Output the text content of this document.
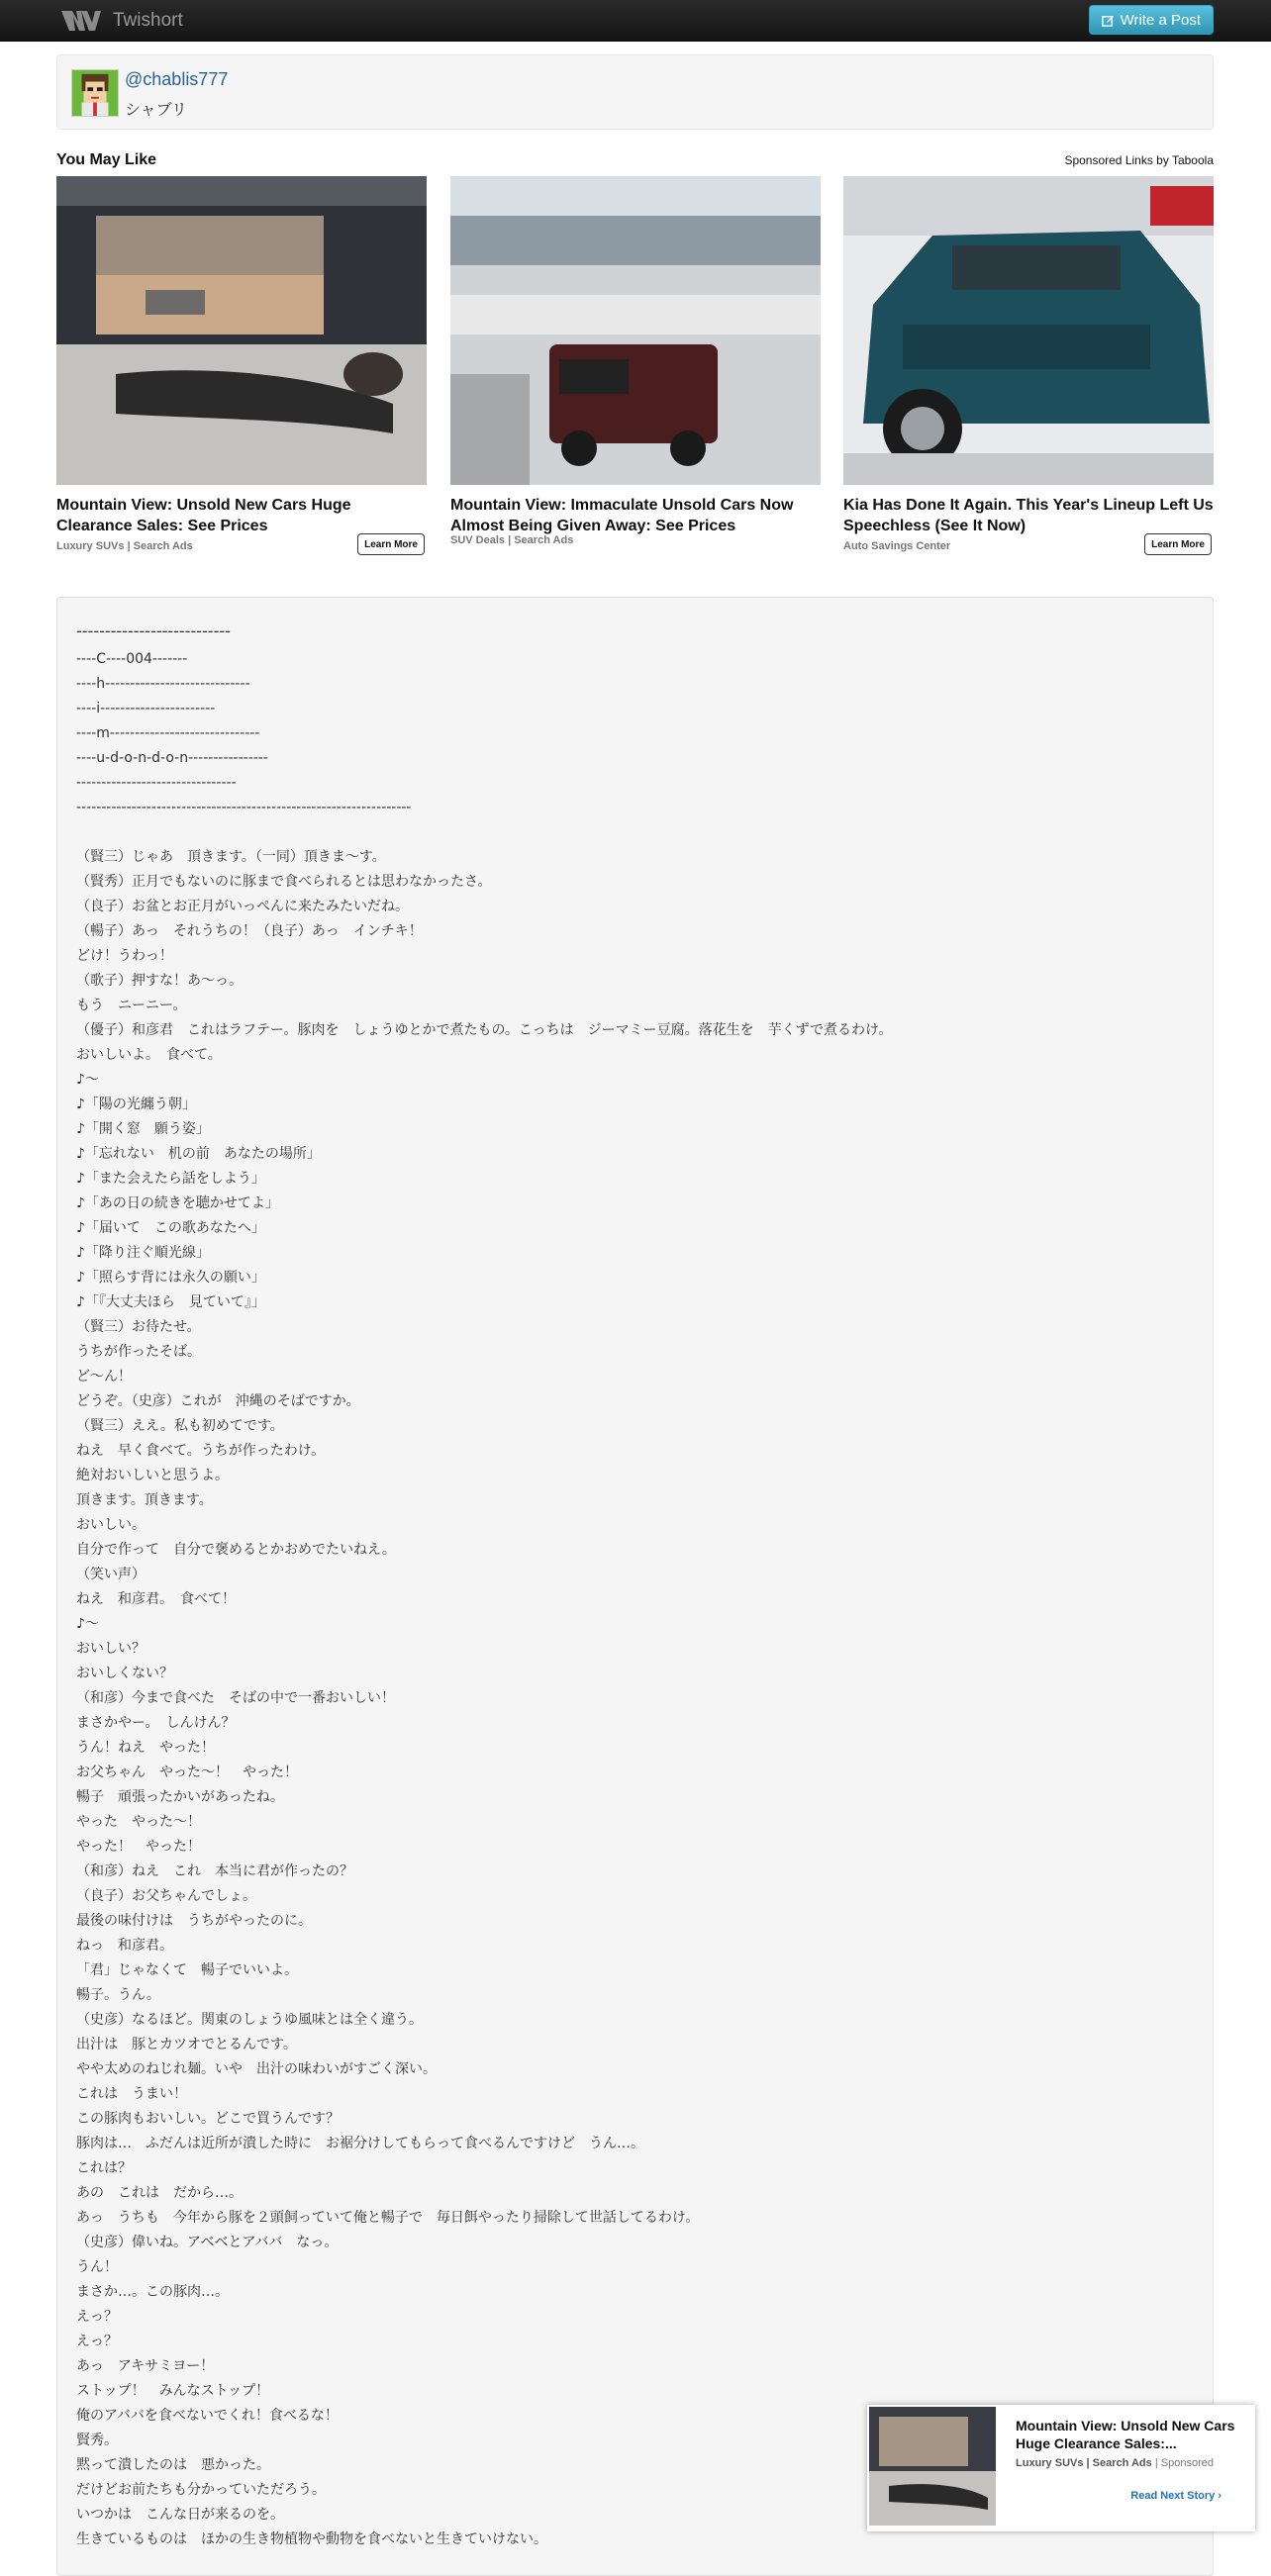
Twishort	Write a Post
@chablis777
シャブリ
You May Like	Sponsored Links by Taboola
Mountain View: Unsold New Cars Huge Clearance Sales: See Prices
Luxury SUVs | Search Ads	Learn More
Mountain View: Immaculate Unsold Cars Now Almost Being Given Away: See Prices
SUV Deals | Search Ads
Kia Has Done It Again. This Year's Lineup Left Us Speechless (See It Now)
Auto Savings Center	Learn More
---------------------------
----C----004-------
----h-----------------------------
----i-----------------------
----m------------------------------
----u-d-o-n-d-o-n----------------
--------------------------------
-------------------------------------------------------------------
（賢三）じゃあ　頂きます。（一同）頂きま～す。
（賢秀）正月でもないのに豚まで食べられるとは思わなかったさ。
（良子）お盆とお正月がいっぺんに来たみたいだね。
（暢子）あっ　それうちの！（良子）あっ　インチキ！
どけ！うわっ！
（歌子）押すな！あ～っ。
もう　ニーニー。
（優子）和彦君　これはラフテー。豚肉を　しょうゆとかで煮たもの。こっちは　ジーマミー豆腐。落花生を　芋くずで煮るわけ。
おいしいよ。　食べて。
♪～
♪「陽の光纏う朝」
♪「開く窓　願う姿」
♪「忘れない　机の前　あなたの場所」
♪「また会えたら話をしよう」
♪「あの日の続きを聴かせてよ」
♪「届いて　この歌あなたへ」
♪「降り注ぐ順光線」
♪「照らす背には永久の願い」
♪「『大丈夫ほら　見ていて』」
（賢三）お待たせ。
うちが作ったそば。
ど～ん！
どうぞ。（史彦）これが　沖縄のそばですか。
（賢三）ええ。私も初めてです。
ねえ　早く食べて。うちが作ったわけ。
絶対おいしいと思うよ。
頂きます。頂きます。
おいしい。
自分で作って　自分で褒めるとかおめでたいねえ。
（笑い声）
ねえ　和彦君。　食べて！
♪～
おいしい？
おいしくない？
（和彦）今まで食べた　そばの中で一番おいしい！
まさかやー。　しんけん？
うん！ねえ　やった！
お父ちゃん　やった～！　やった！
暢子　頑張ったかいがあったね。
やった　やった～！
やった！　やった！
（和彦）ねえ　これ　本当に君が作ったの？
（良子）お父ちゃんでしょ。
最後の味付けは　うちがやったのに。
ねっ　和彦君。
「君」じゃなくて　暢子でいいよ。
暢子。うん。
（史彦）なるほど。関東のしょうゆ風味とは全く違う。
出汁は　豚とカツオでとるんです。
やや太めのねじれ麺。いや　出汁の味わいがすごく深い。
これは　うまい！
この豚肉もおいしい。どこで買うんです？
豚肉は…　ふだんは近所が潰した時に　お裾分けしてもらって食べるんですけど　うん…。
これは？
あの　これは　だから…。
あっ　うちも　今年から豚を２頭飼っていて俺と暢子で　毎日餌やったり掃除して世話してるわけ。
（史彦）偉いね。アベベとアババ　なっ。
うん！
まさか…。この豚肉…。
えっ？
えっ？
あっ　アキサミヨー！
ストップ！　みんなストップ！
俺のアババを食べないでくれ！食べるな！
賢秀。
黙って潰したのは　悪かった。
だけどお前たちも分かっていただろう。
いつかは　こんな日が来るのを。
生きているものは　ほかの生き物植物や動物を食べないと生きていけない。
Mountain View: Unsold New Cars Huge Clearance Sales:...
Luxury SUVs | Search Ads | Sponsored
Read Next Story ›
